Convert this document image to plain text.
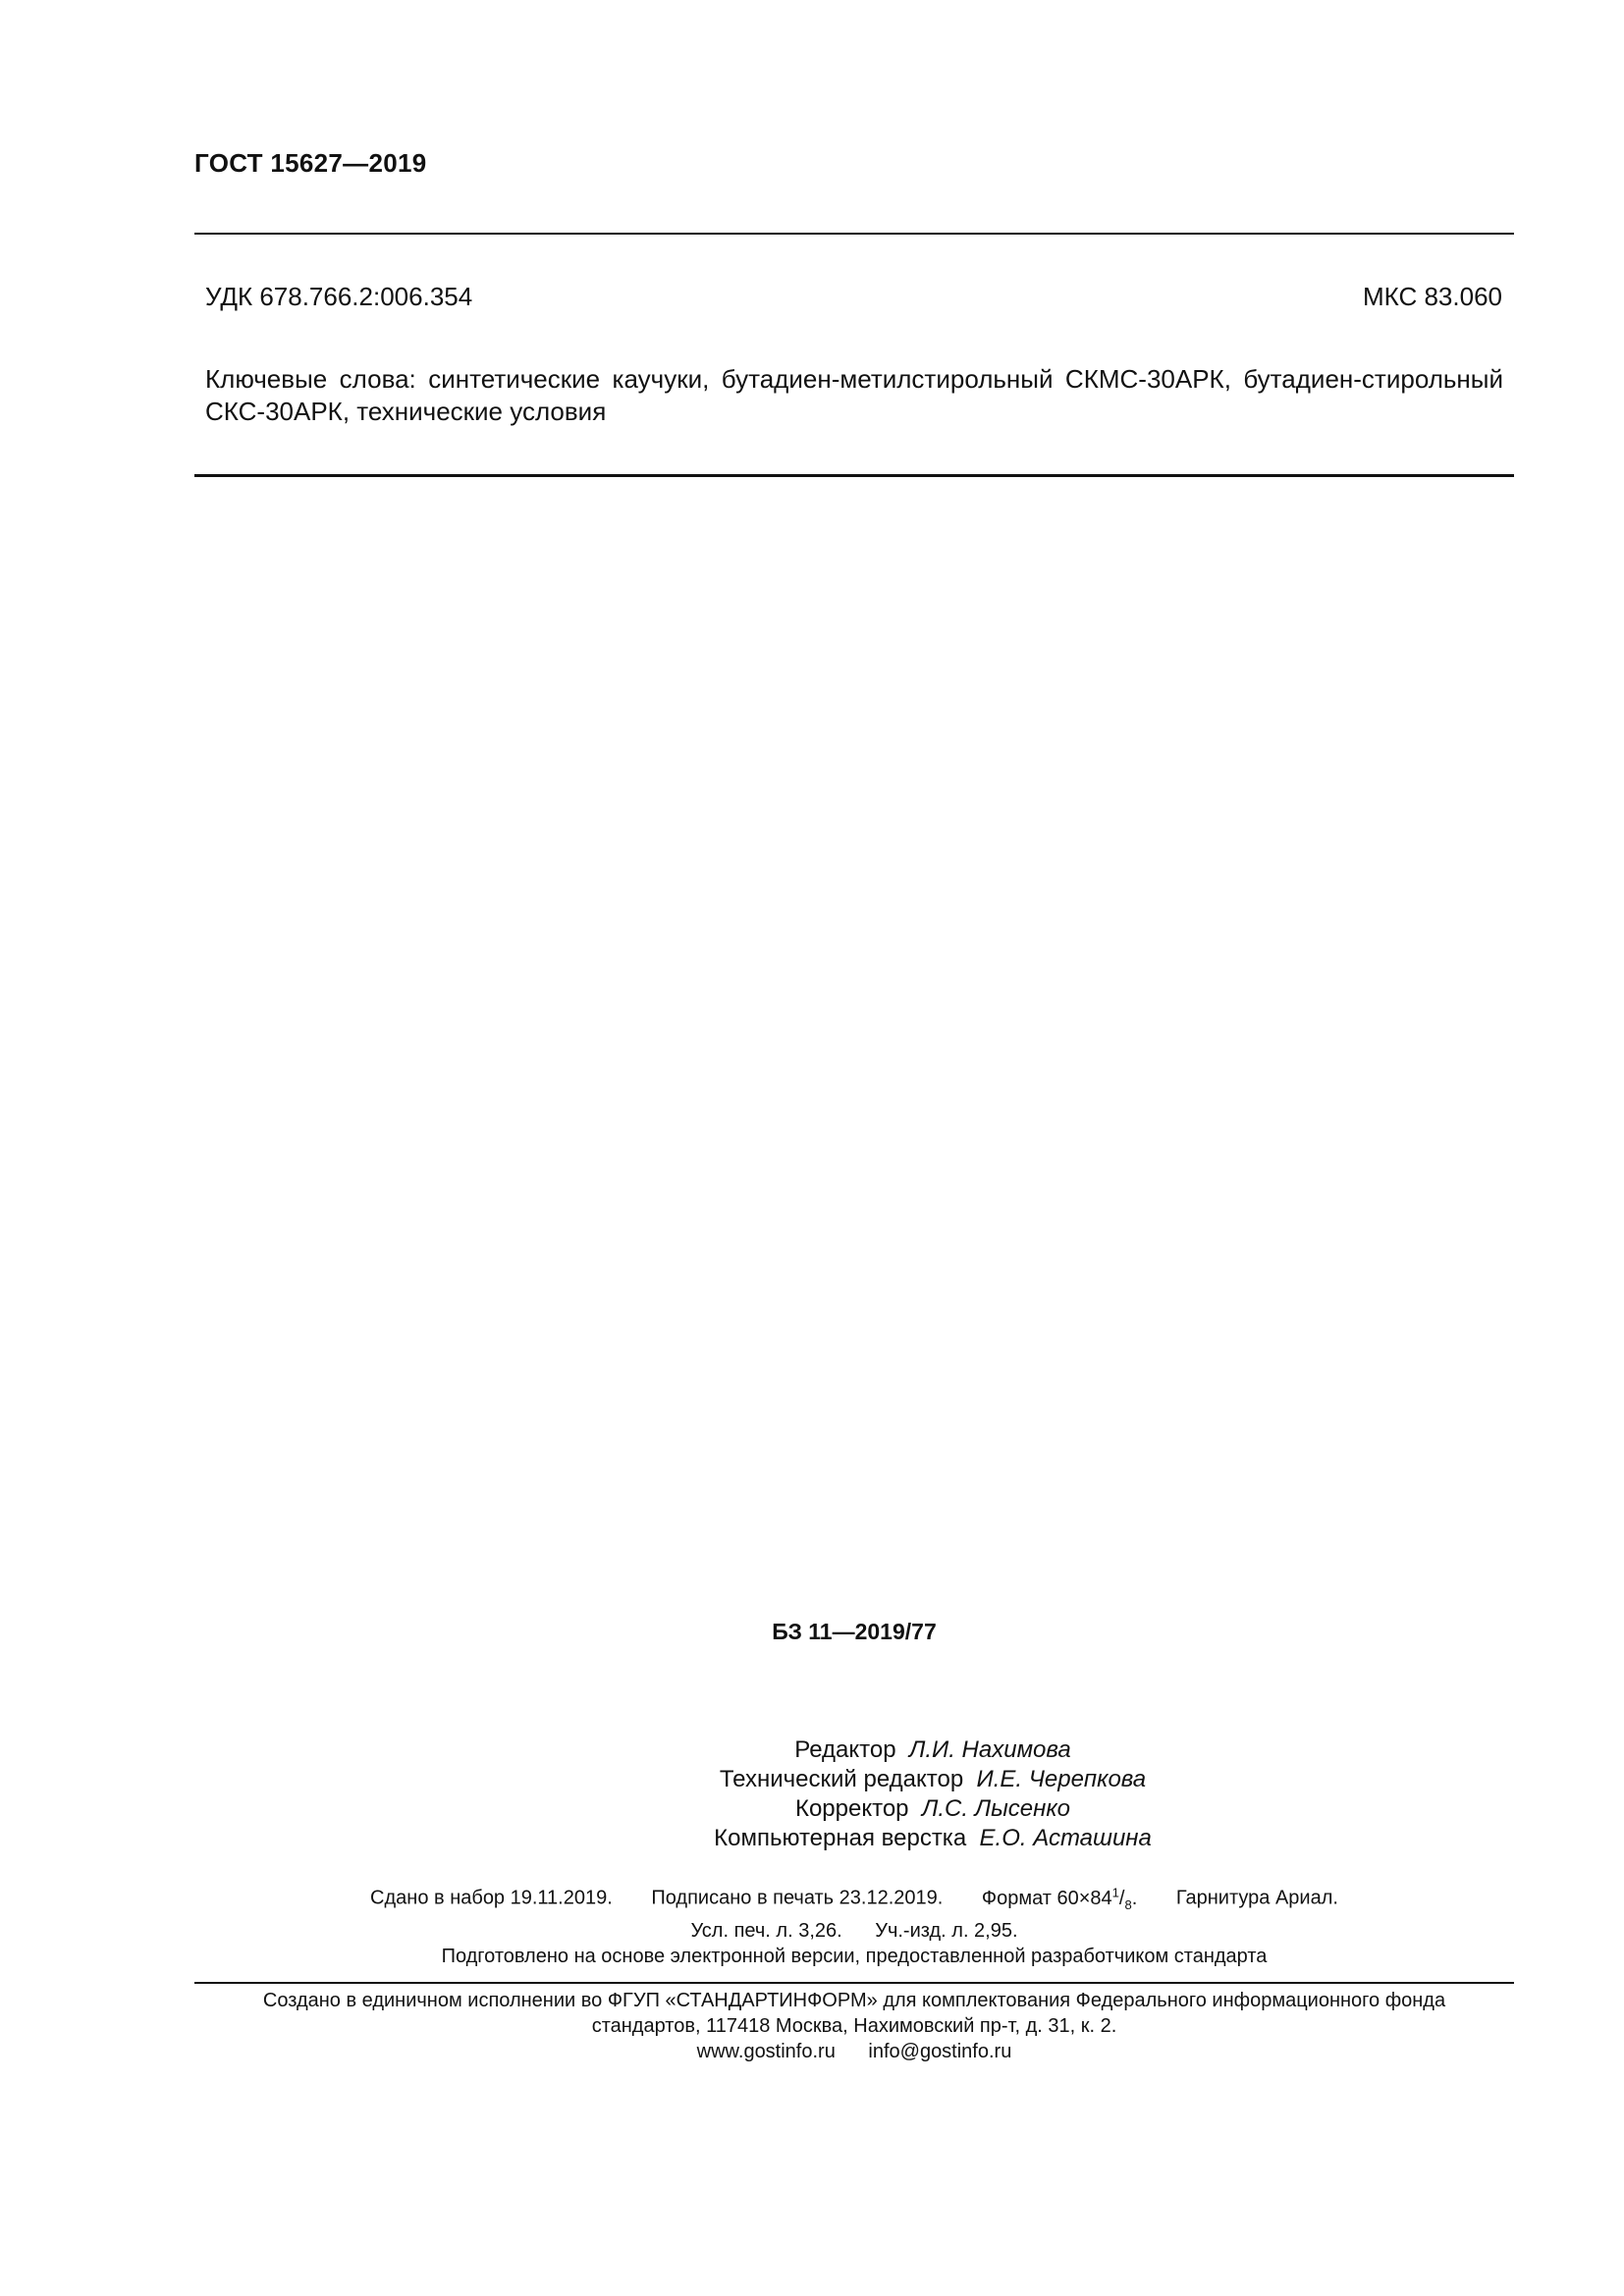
ГОСТ 15627—2019
УДК 678.766.2:006.354	МКС 83.060
Ключевые слова: синтетические каучуки, бутадиен-метилстирольный СКМС-30АРК, бутадиен-стирольный СКС-30АРК, технические условия
БЗ 11—2019/77
Редактор Л.И. Нахимова
Технический редактор И.Е. Черепкова
Корректор Л.С. Лысенко
Компьютерная верстка Е.О. Асташина
Сдано в набор 19.11.2019. Подписано в печать 23.12.2019. Формат $60\times 84^1/_8$. Гарнитура Ариал.
Усл. печ. л. 3,26. Уч.-изд. л. 2,95.
Подготовлено на основе электронной версии, предоставленной разработчиком стандарта
Создано в единичном исполнении во ФГУП «СТАНДАРТИНФОРМ» для комплектования Федерального информационного фонда
стандартов, 117418 Москва, Нахимовский пр-т, д. 31, к. 2.
www.gostinfo.ru info@gostinfo.ru
